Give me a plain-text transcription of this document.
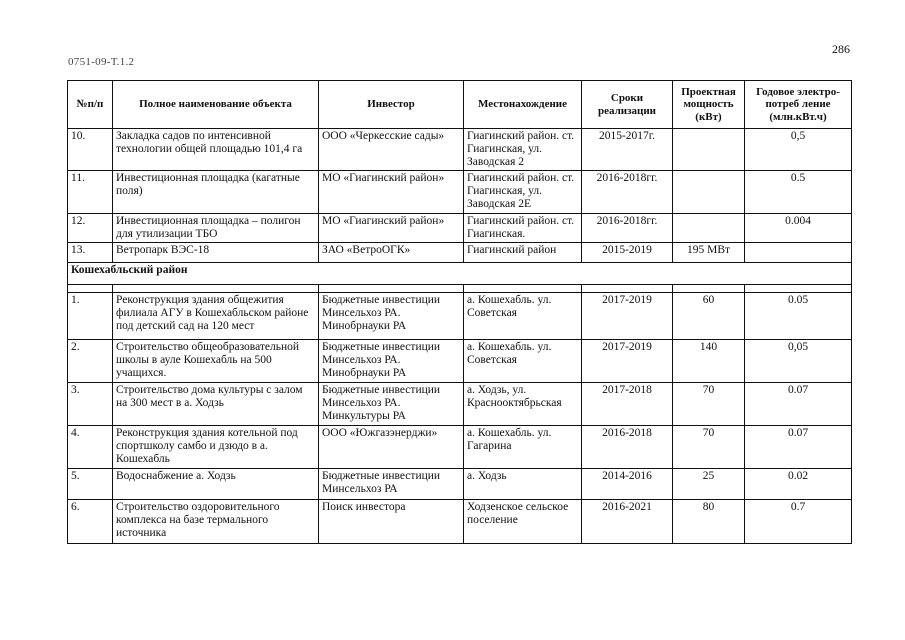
286
0751-09-Т.1.2
№п/п	Полное наименование объекта	Инвестор	Местонахождение	Сроки реализации	Проектная мощность (кВт)	Годовое электро-потреб ление (млн.кВт.ч)
10.	Закладка садов по интенсивной технологии общей площадью 101,4 га	ООО «Черкесские сады»	Гиагинский район. ст. Гиагинская, ул. Заводская 2	2015-2017г.		0,5
11.	Инвестиционная площадка (кагатные поля)	МО «Гиагинский район»	Гиагинский район. ст. Гиагинская, ул. Заводская 2Е	2016-2018гг.		0.5
12.	Инвестиционная площадка – полигон для утилизации ТБО	МО «Гиагинский район»	Гиагинский район. ст. Гиагинская.	2016-2018гг.		0.004
13.	Ветропарк ВЭС-18	ЗАО «ВетроОГК»	Гиагинский район	2015-2019	195 МВт	
Кошехабльский район						

1.	Реконструкция здания общежития филиала АГУ в Кошехабльском районе под детский сад на 120 мест	Бюджетные инвестиции Минсельхоз РА. Минобрнауки РА	а. Кошехабль. ул. Советская	2017-2019	60	0.05
2.	Строительство общеобразовательной школы в ауле Кошехабль на 500 учащихся.	Бюджетные инвестиции Минсельхоз РА. Минобрнауки РА	а. Кошехабль. ул. Советская	2017-2019	140	0,05
3.	Строительство дома культуры с залом на 300 мест в а. Ходзь	Бюджетные инвестиции Минсельхоз РА. Минкультуры РА	а. Ходзь, ул. Краснооктябрьская	2017-2018	70	0.07
4.	Реконструкция здания котельной под спортшколу самбо и дзюдо в а. Кошехабль	ООО «Южгазэнерджи»	а. Кошехабль. ул. Гагарина	2016-2018	70	0.07
5.	Водоснабжение а. Ходзь	Бюджетные инвестиции Минсельхоз РА	а. Ходзь	2014-2016	25	0.02
6.	Строительство оздоровительного комплекса на базе термального источника	Поиск инвестора	Ходзенское сельское поселение	2016-2021	80	0.7
